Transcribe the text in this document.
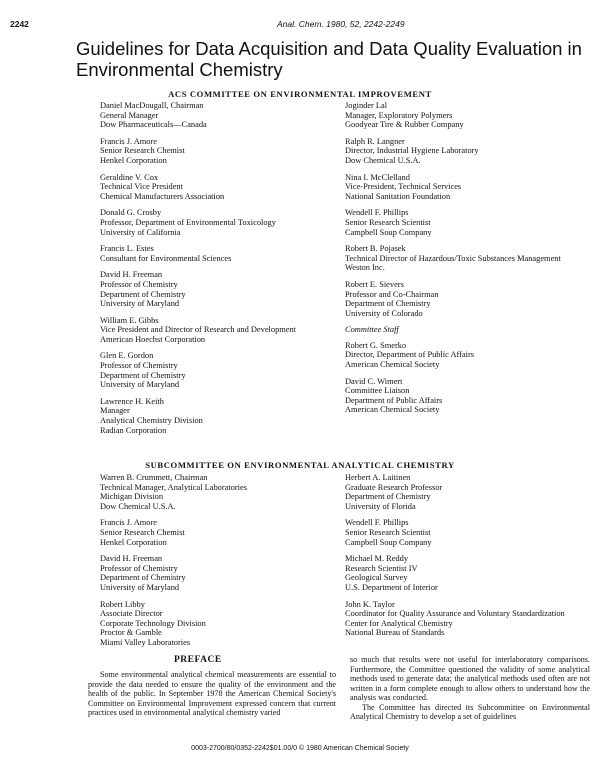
2242	Anal. Chem. 1980, 52, 2242-2249
Guidelines for Data Acquisition and Data Quality Evaluation in Environmental Chemistry
ACS COMMITTEE ON ENVIRONMENTAL IMPROVEMENT
Daniel MacDougall, Chairman
General Manager
Dow Pharmaceuticals—Canada
Francis J. Amore
Senior Research Chemist
Henkel Corporation
Geraldine V. Cox
Technical Vice President
Chemical Manufacturers Association
Donald G. Crosby
Professor, Department of Environmental Toxicology
University of California
Francis L. Estes
Consultant for Environmental Sciences
David H. Freeman
Professor of Chemistry
Department of Chemistry
University of Maryland
William E. Gibbs
Vice President and Director of Research and Development
American Hoechst Corporation
Glen E. Gordon
Professor of Chemistry
Department of Chemistry
University of Maryland
Lawrence H. Keith
Manager
Analytical Chemistry Division
Radian Corporation
Joginder Lal
Manager, Exploratory Polymers
Goodyear Tire & Rubber Company
Ralph R. Langner
Director, Industrial Hygiene Laboratory
Dow Chemical U.S.A.
Nina I. McClelland
Vice-President, Technical Services
National Sanitation Foundation
Wendell F. Phillips
Senior Research Scientist
Campbell Soup Company
Robert B. Pojasek
Technical Director of Hazardous/Toxic Substances Management
Weston Inc.
Robert E. Sievers
Professor and Co-Chairman
Department of Chemistry
University of Colorado
Committee Staff
Robert G. Smerko
Director, Department of Public Affairs
American Chemical Society
David C. Wimert
Committee Liaison
Department of Public Affairs
American Chemical Society
SUBCOMMITTEE ON ENVIRONMENTAL ANALYTICAL CHEMISTRY
Warren B. Crummett, Chairman
Technical Manager, Analytical Laboratories
Michigan Division
Dow Chemical U.S.A.
Francis J. Amore
Senior Research Chemist
Henkel Corporation
David H. Freeman
Professor of Chemistry
Department of Chemistry
University of Maryland
Robert Libby
Associate Director
Corporate Technology Division
Proctor & Gamble
Miami Valley Laboratories
Herbert A. Laitinen
Graduate Research Professor
Department of Chemistry
University of Florida
Wendell F. Phillips
Senior Research Scientist
Campbell Soup Company
Michael M. Reddy
Research Scientist IV
Geological Survey
U.S. Department of Interior
John K. Taylor
Coordinator for Quality Assurance and Voluntary Standardization
Center for Analytical Chemistry
National Bureau of Standards
PREFACE

Some environmental analytical chemical measurements are essential to provide the data needed to ensure the quality of the environment and the health of the public. In September 1978 the American Chemical Society's Committee on Environmental Improvement expressed concern that current practices used in environmental analytical chemistry varied

so much that results were not useful for interlaboratory comparisons. Furthermore, the Committee questioned the validity of some analytical methods used to generate data; the analytical methods used often are not written in a form complete enough to allow others to understand how the analysis was conducted.

The Committee has directed its Subcommittee on Environmental Analytical Chemistry to develop a set of guidelines

0003-2700/80/0352-2242$01.00/0 © 1980 American Chemical Society
